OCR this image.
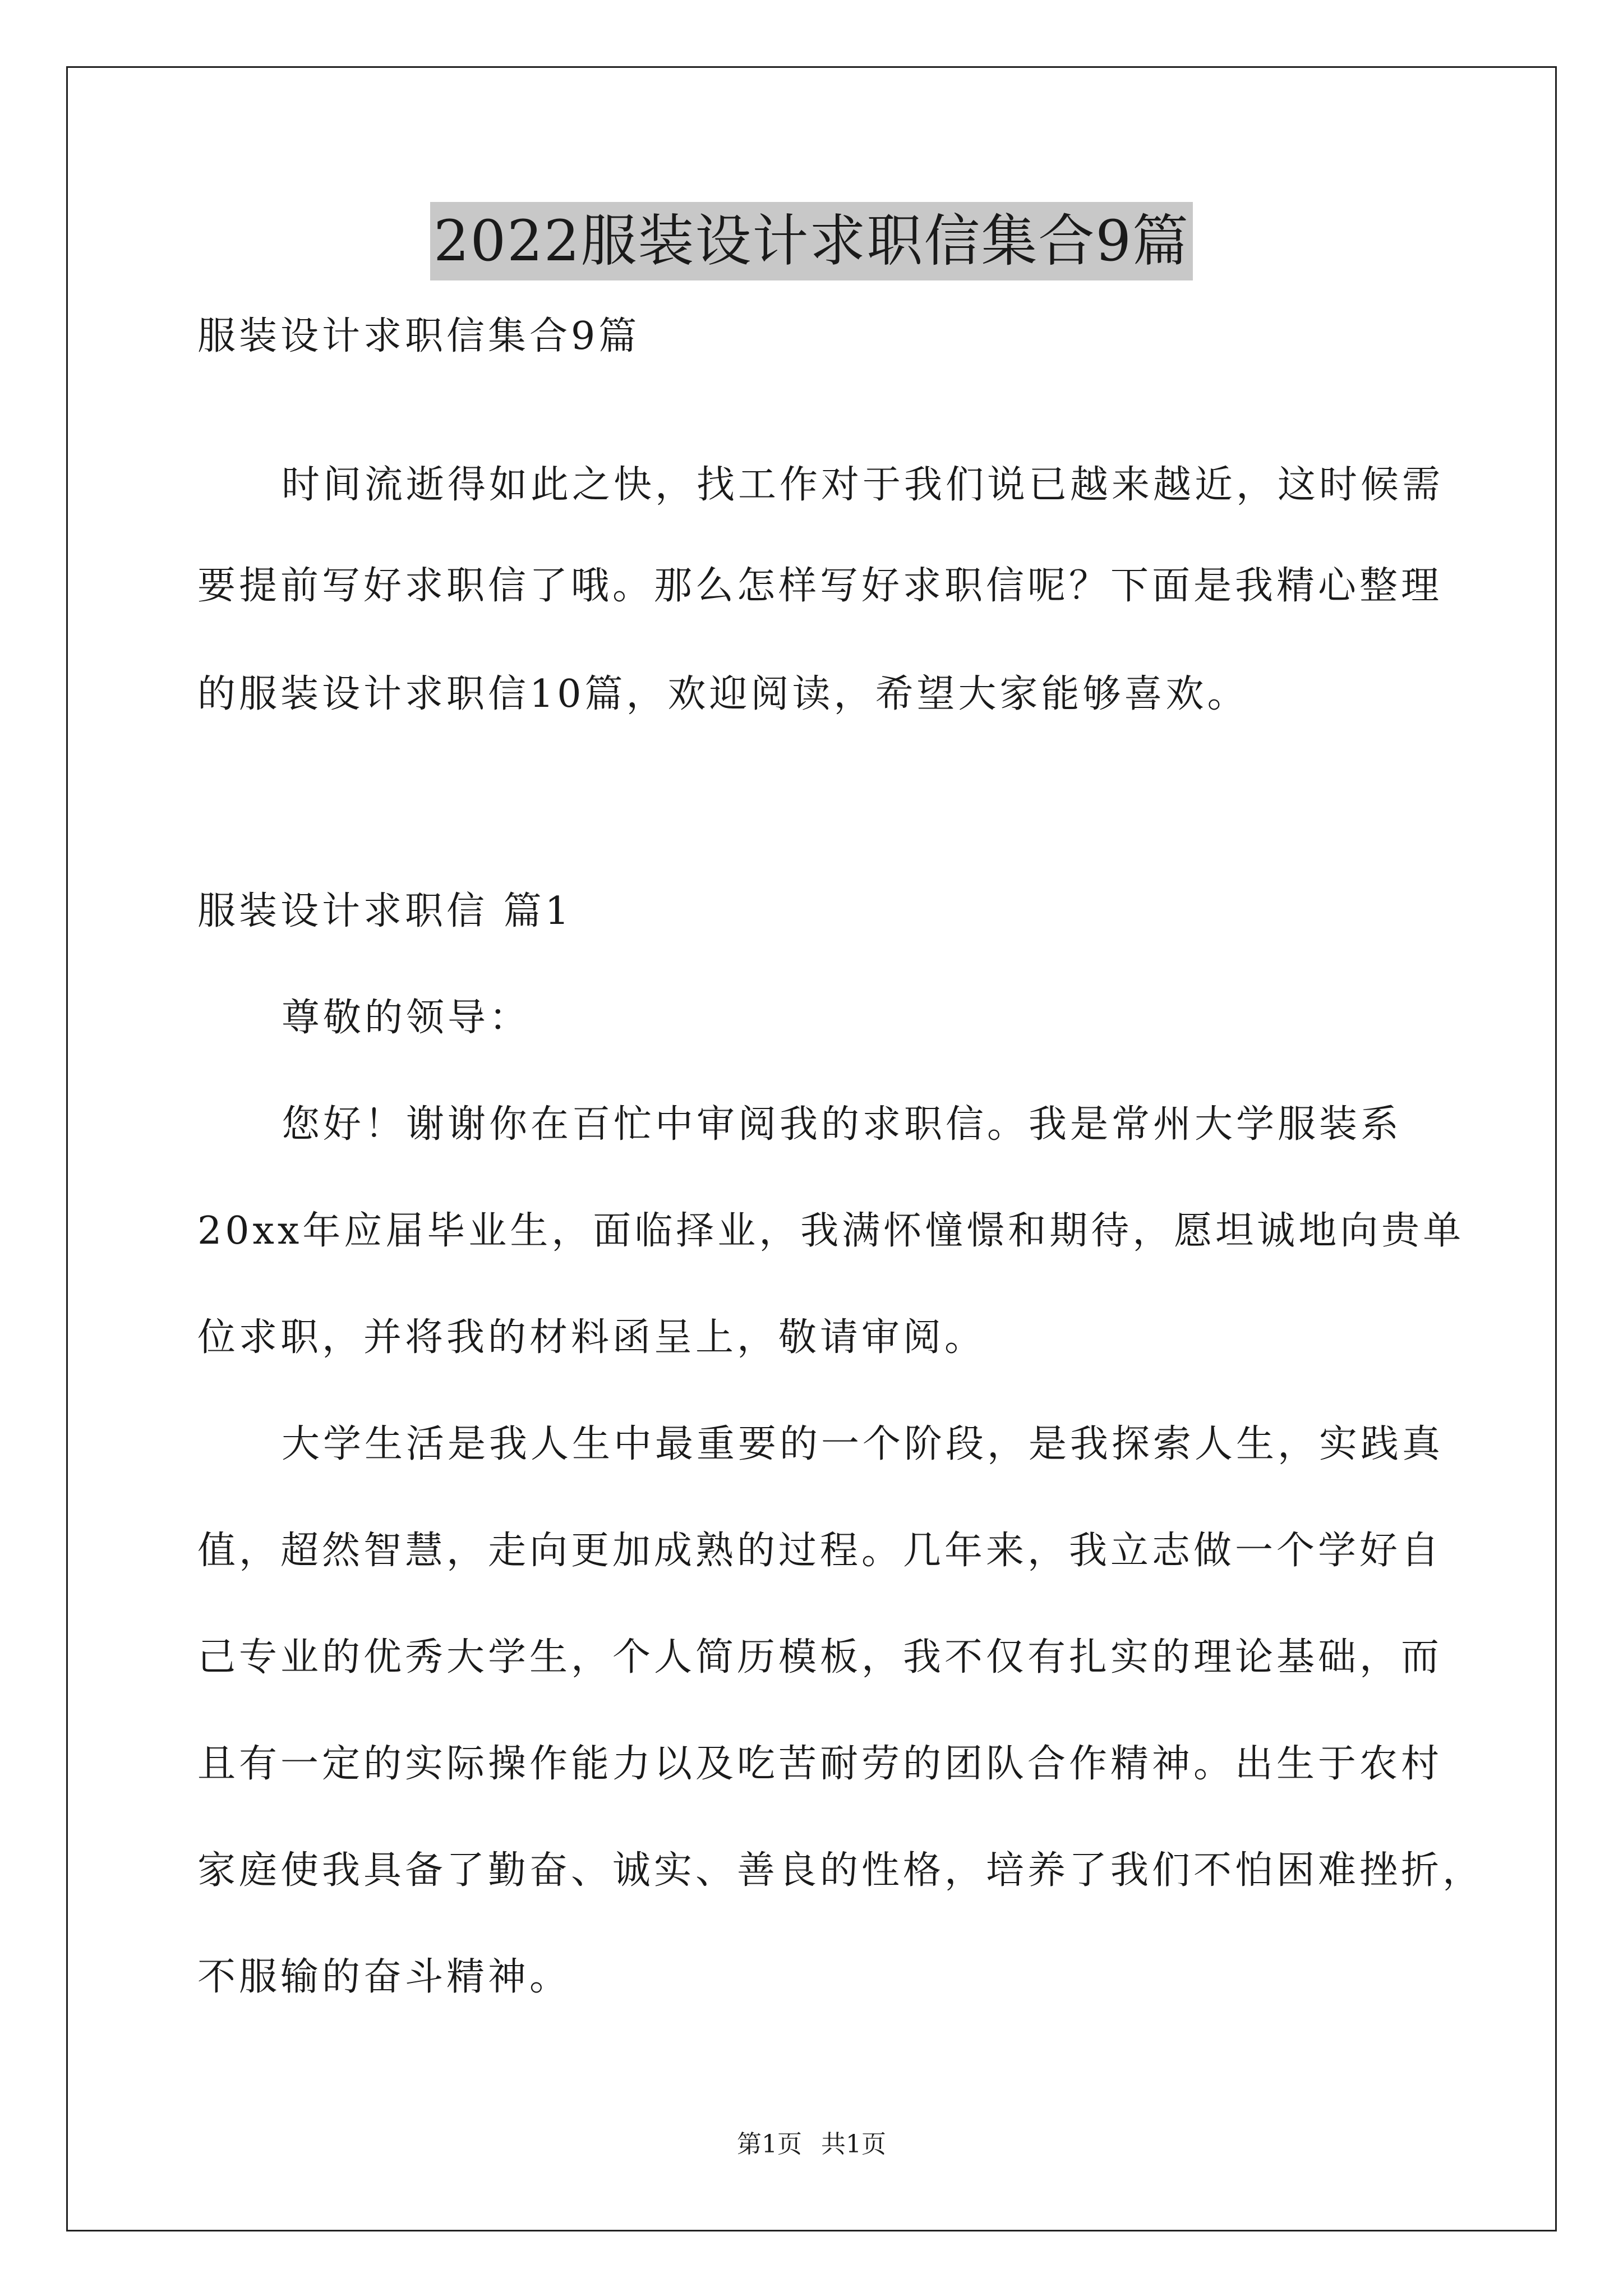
2022服装设计求职信集合9篇
服装设计求职信集合9篇
时间流逝得如此之快，找工作对于我们说已越来越近，这时候需
要提前写好求职信了哦。那么怎样写好求职信呢？下面是我精心整理
的服装设计求职信10篇，欢迎阅读，希望大家能够喜欢。
服装设计求职信 篇1
尊敬的领导：
您好！谢谢你在百忙中审阅我的求职信。我是常州大学服装系
20xx年应届毕业生，面临择业，我满怀憧憬和期待，愿坦诚地向贵单
位求职，并将我的材料函呈上，敬请审阅。
大学生活是我人生中最重要的一个阶段，是我探索人生，实践真
值，超然智慧，走向更加成熟的过程。几年来，我立志做一个学好自
己专业的优秀大学生，个人简历模板，我不仅有扎实的理论基础，而
且有一定的实际操作能力以及吃苦耐劳的团队合作精神。出生于农村
家庭使我具备了勤奋、诚实、善良的性格，培养了我们不怕困难挫折，
不服输的奋斗精神。
第1页 共1页
